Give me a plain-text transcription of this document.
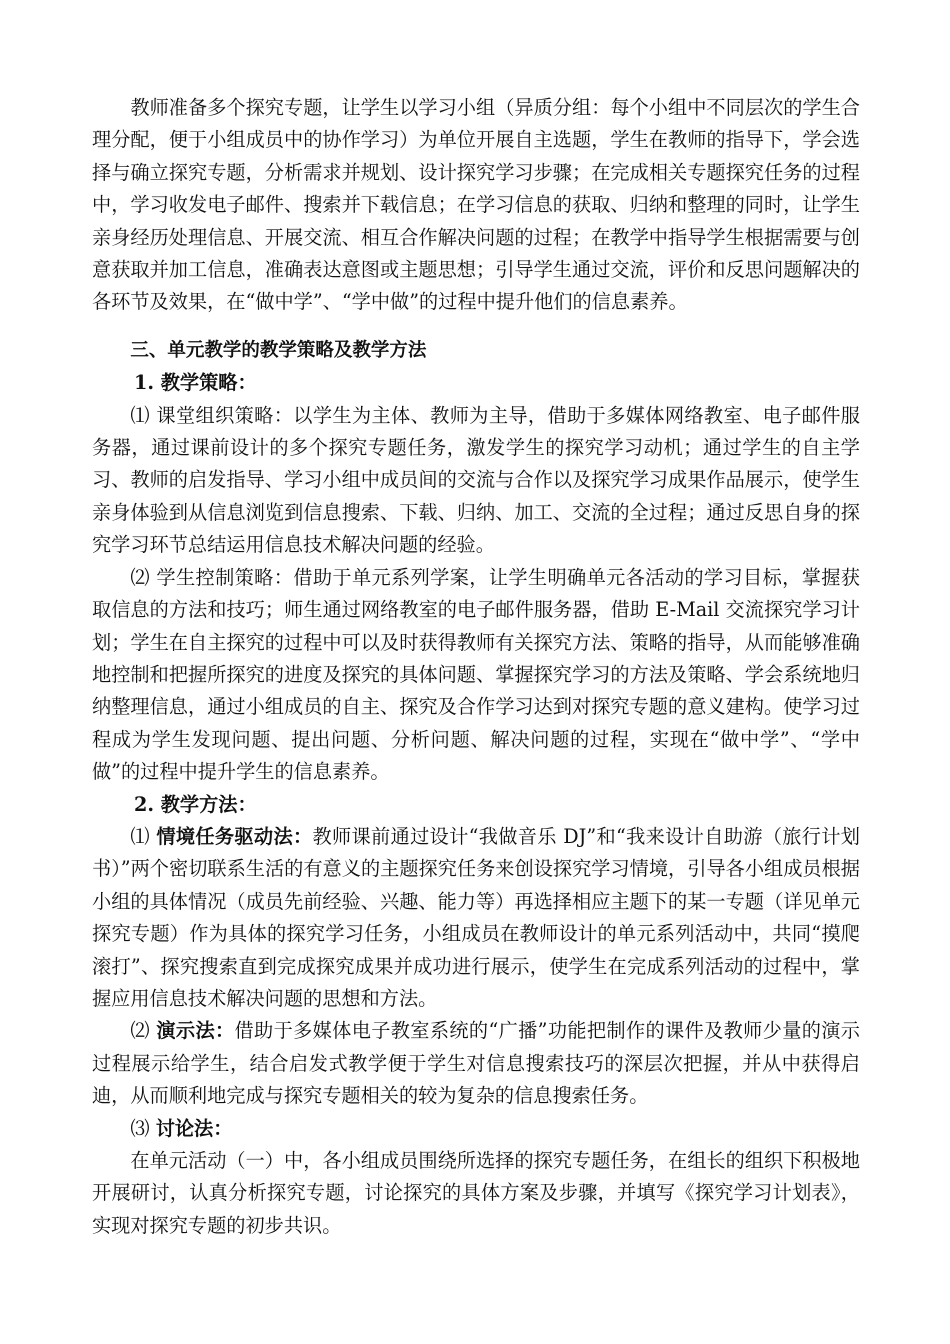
教师准备多个探究专题，让学生以学习小组（异质分组：每个小组中不同层次的学生合理分配，便于小组成员中的协作学习）为单位开展自主选题，学生在教师的指导下，学会选择与确立探究专题，分析需求并规划、设计探究学习步骤；在完成相关专题探究任务的过程中，学习收发电子邮件、搜索并下载信息；在学习信息的获取、归纳和整理的同时，让学生亲身经历处理信息、开展交流、相互合作解决问题的过程；在教学中指导学生根据需要与创意获取并加工信息，准确表达意图或主题思想；引导学生通过交流，评价和反思问题解决的各环节及效果，在“做中学”、“学中做”的过程中提升他们的信息素养。

三、单元教学的教学策略及教学方法

1. 教学策略：

⑴ 课堂组织策略：以学生为主体、教师为主导，借助于多媒体网络教室、电子邮件服务器，通过课前设计的多个探究专题任务，激发学生的探究学习动机；通过学生的自主学习、教师的启发指导、学习小组中成员间的交流与合作以及探究学习成果作品展示，使学生亲身体验到从信息浏览到信息搜索、下载、归纳、加工、交流的全过程；通过反思自身的探究学习环节总结运用信息技术解决问题的经验。

⑵ 学生控制策略：借助于单元系列学案，让学生明确单元各活动的学习目标，掌握获取信息的方法和技巧；师生通过网络教室的电子邮件服务器，借助 E-Mail 交流探究学习计划；学生在自主探究的过程中可以及时获得教师有关探究方法、策略的指导，从而能够准确地控制和把握所探究的进度及探究的具体问题、掌握探究学习的方法及策略、学会系统地归纳整理信息，通过小组成员的自主、探究及合作学习达到对探究专题的意义建构。使学习过程成为学生发现问题、提出问题、分析问题、解决问题的过程，实现在“做中学”、“学中做”的过程中提升学生的信息素养。

2. 教学方法：

⑴ 情境任务驱动法：教师课前通过设计“我做音乐 DJ”和“我来设计自助游（旅行计划书）”两个密切联系生活的有意义的主题探究任务来创设探究学习情境，引导各小组成员根据小组的具体情况（成员先前经验、兴趣、能力等）再选择相应主题下的某一专题（详见单元探究专题）作为具体的探究学习任务，小组成员在教师设计的单元系列活动中，共同“摸爬滚打”、探究搜索直到完成探究成果并成功进行展示，使学生在完成系列活动的过程中，掌握应用信息技术解决问题的思想和方法。

⑵ 演示法：借助于多媒体电子教室系统的“广播”功能把制作的课件及教师少量的演示过程展示给学生，结合启发式教学便于学生对信息搜索技巧的深层次把握，并从中获得启迪，从而顺利地完成与探究专题相关的较为复杂的信息搜索任务。

⑶ 讨论法：

在单元活动（一）中，各小组成员围绕所选择的探究专题任务，在组长的组织下积极地开展研讨，认真分析探究专题，讨论探究的具体方案及步骤，并填写《探究学习计划表》，实现对探究专题的初步共识。
